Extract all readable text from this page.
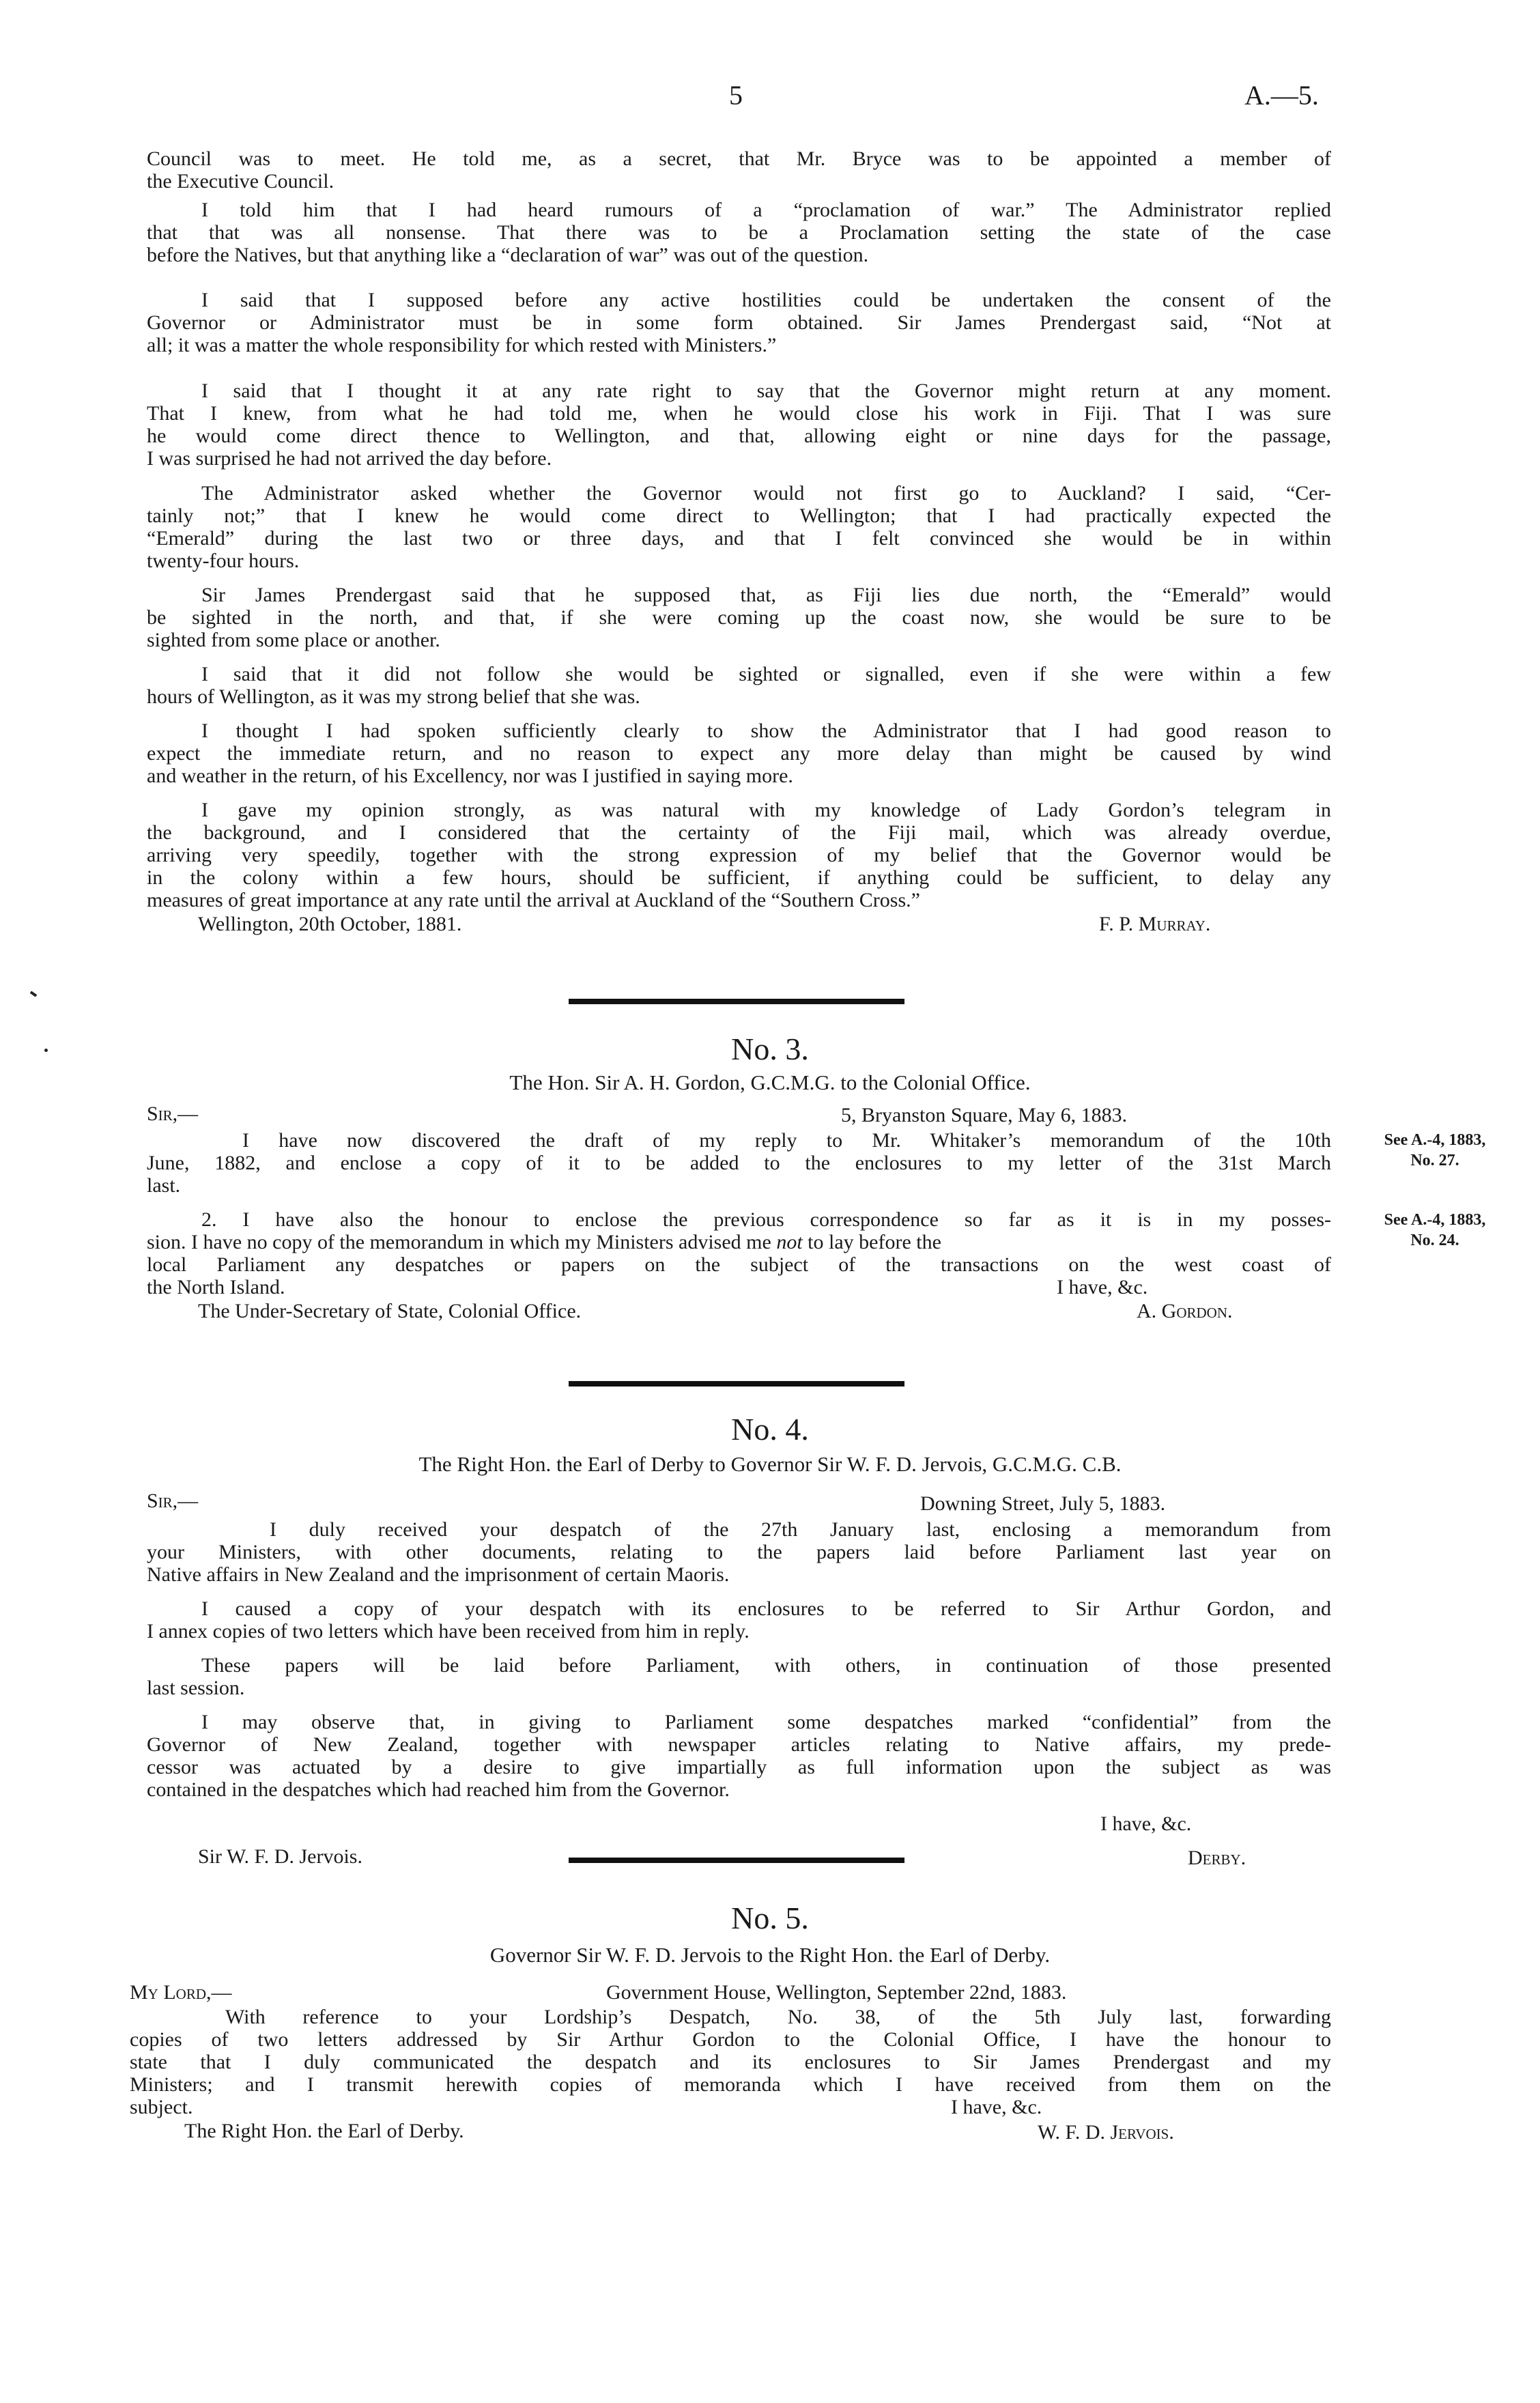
5	A.—5.
Council was to meet. He told me, as a secret, that Mr. Bryce was to be appointed a member of
the Executive Council.
I told him that I had heard rumours of a “proclamation of war.” The Administrator replied
that that was all nonsense. That there was to be a Proclamation setting the state of the case
before the Natives, but that anything like a “declaration of war” was out of the question.
I said that I supposed before any active hostilities could be undertaken the consent of the
Governor or Administrator must be in some form obtained. Sir James Prendergast said, “Not at
all; it was a matter the whole responsibility for which rested with Ministers.”
I said that I thought it at any rate right to say that the Governor might return at any moment.
That I knew, from what he had told me, when he would close his work in Fiji. That I was sure
he would come direct thence to Wellington, and that, allowing eight or nine days for the passage,
I was surprised he had not arrived the day before.
The Administrator asked whether the Governor would not first go to Auckland? I said, “Cer-
tainly not;” that I knew he would come direct to Wellington; that I had practically expected the
“Emerald” during the last two or three days, and that I felt convinced she would be in within
twenty-four hours.
Sir James Prendergast said that he supposed that, as Fiji lies due north, the “Emerald” would
be sighted in the north, and that, if she were coming up the coast now, she would be sure to be
sighted from some place or another.
I said that it did not follow she would be sighted or signalled, even if she were within a few
hours of Wellington, as it was my strong belief that she was.
I thought I had spoken sufficiently clearly to show the Administrator that I had good reason to
expect the immediate return, and no reason to expect any more delay than might be caused by wind
and weather in the return, of his Excellency, nor was I justified in saying more.
I gave my opinion strongly, as was natural with my knowledge of Lady Gordon’s telegram in
the background, and I considered that the certainty of the Fiji mail, which was already overdue,
arriving very speedily, together with the strong expression of my belief that the Governor would be
in the colony within a few hours, should be sufficient, if anything could be sufficient, to delay any
measures of great importance at any rate until the arrival at Auckland of the “Southern Cross.”
Wellington, 20th October, 1881.	F. P. Murray.
No. 3.
The Hon. Sir A. H. Gordon, G.C.M.G. to the Colonial Office.
Sir,—	5, Bryanston Square, May 6, 1883.
I have now discovered the draft of my reply to Mr. Whitaker’s memorandum of the 10th
June, 1882, and enclose a copy of it to be added to the enclosures to my letter of the 31st March
last.
2. I have also the honour to enclose the previous correspondence so far as it is in my posses-
sion. I have no copy of the memorandum in which my Ministers advised me not to lay before the
local Parliament any despatches or papers on the subject of the transactions on the west coast of
the North Island.	I have, &c.
The Under-Secretary of State, Colonial Office.	A. Gordon.
See A.-4, 1883,
No. 27.
See A.-4, 1883,
No. 24.
No. 4.
The Right Hon. the Earl of Derby to Governor Sir W. F. D. Jervois, G.C.M.G. C.B.
Sir,—	Downing Street, July 5, 1883.
I duly received your despatch of the 27th January last, enclosing a memorandum from
your Ministers, with other documents, relating to the papers laid before Parliament last year on
Native affairs in New Zealand and the imprisonment of certain Maoris.
I caused a copy of your despatch with its enclosures to be referred to Sir Arthur Gordon, and
I annex copies of two letters which have been received from him in reply.
These papers will be laid before Parliament, with others, in continuation of those presented
last session.
I may observe that, in giving to Parliament some despatches marked “confidential” from the
Governor of New Zealand, together with newspaper articles relating to Native affairs, my prede-
cessor was actuated by a desire to give impartially as full information upon the subject as was
contained in the despatches which had reached him from the Governor.
I have, &c.
Sir W. F. D. Jervois.	Derby.
No. 5.
Governor Sir W. F. D. Jervois to the Right Hon. the Earl of Derby.
My Lord,—	Government House, Wellington, September 22nd, 1883.
With reference to your Lordship’s Despatch, No. 38, of the 5th July last, forwarding
copies of two letters addressed by Sir Arthur Gordon to the Colonial Office, I have the honour to
state that I duly communicated the despatch and its enclosures to Sir James Prendergast and my
Ministers; and I transmit herewith copies of memoranda which I have received from them on the
subject.	I have, &c.
The Right Hon. the Earl of Derby.	W. F. D. Jervois.
